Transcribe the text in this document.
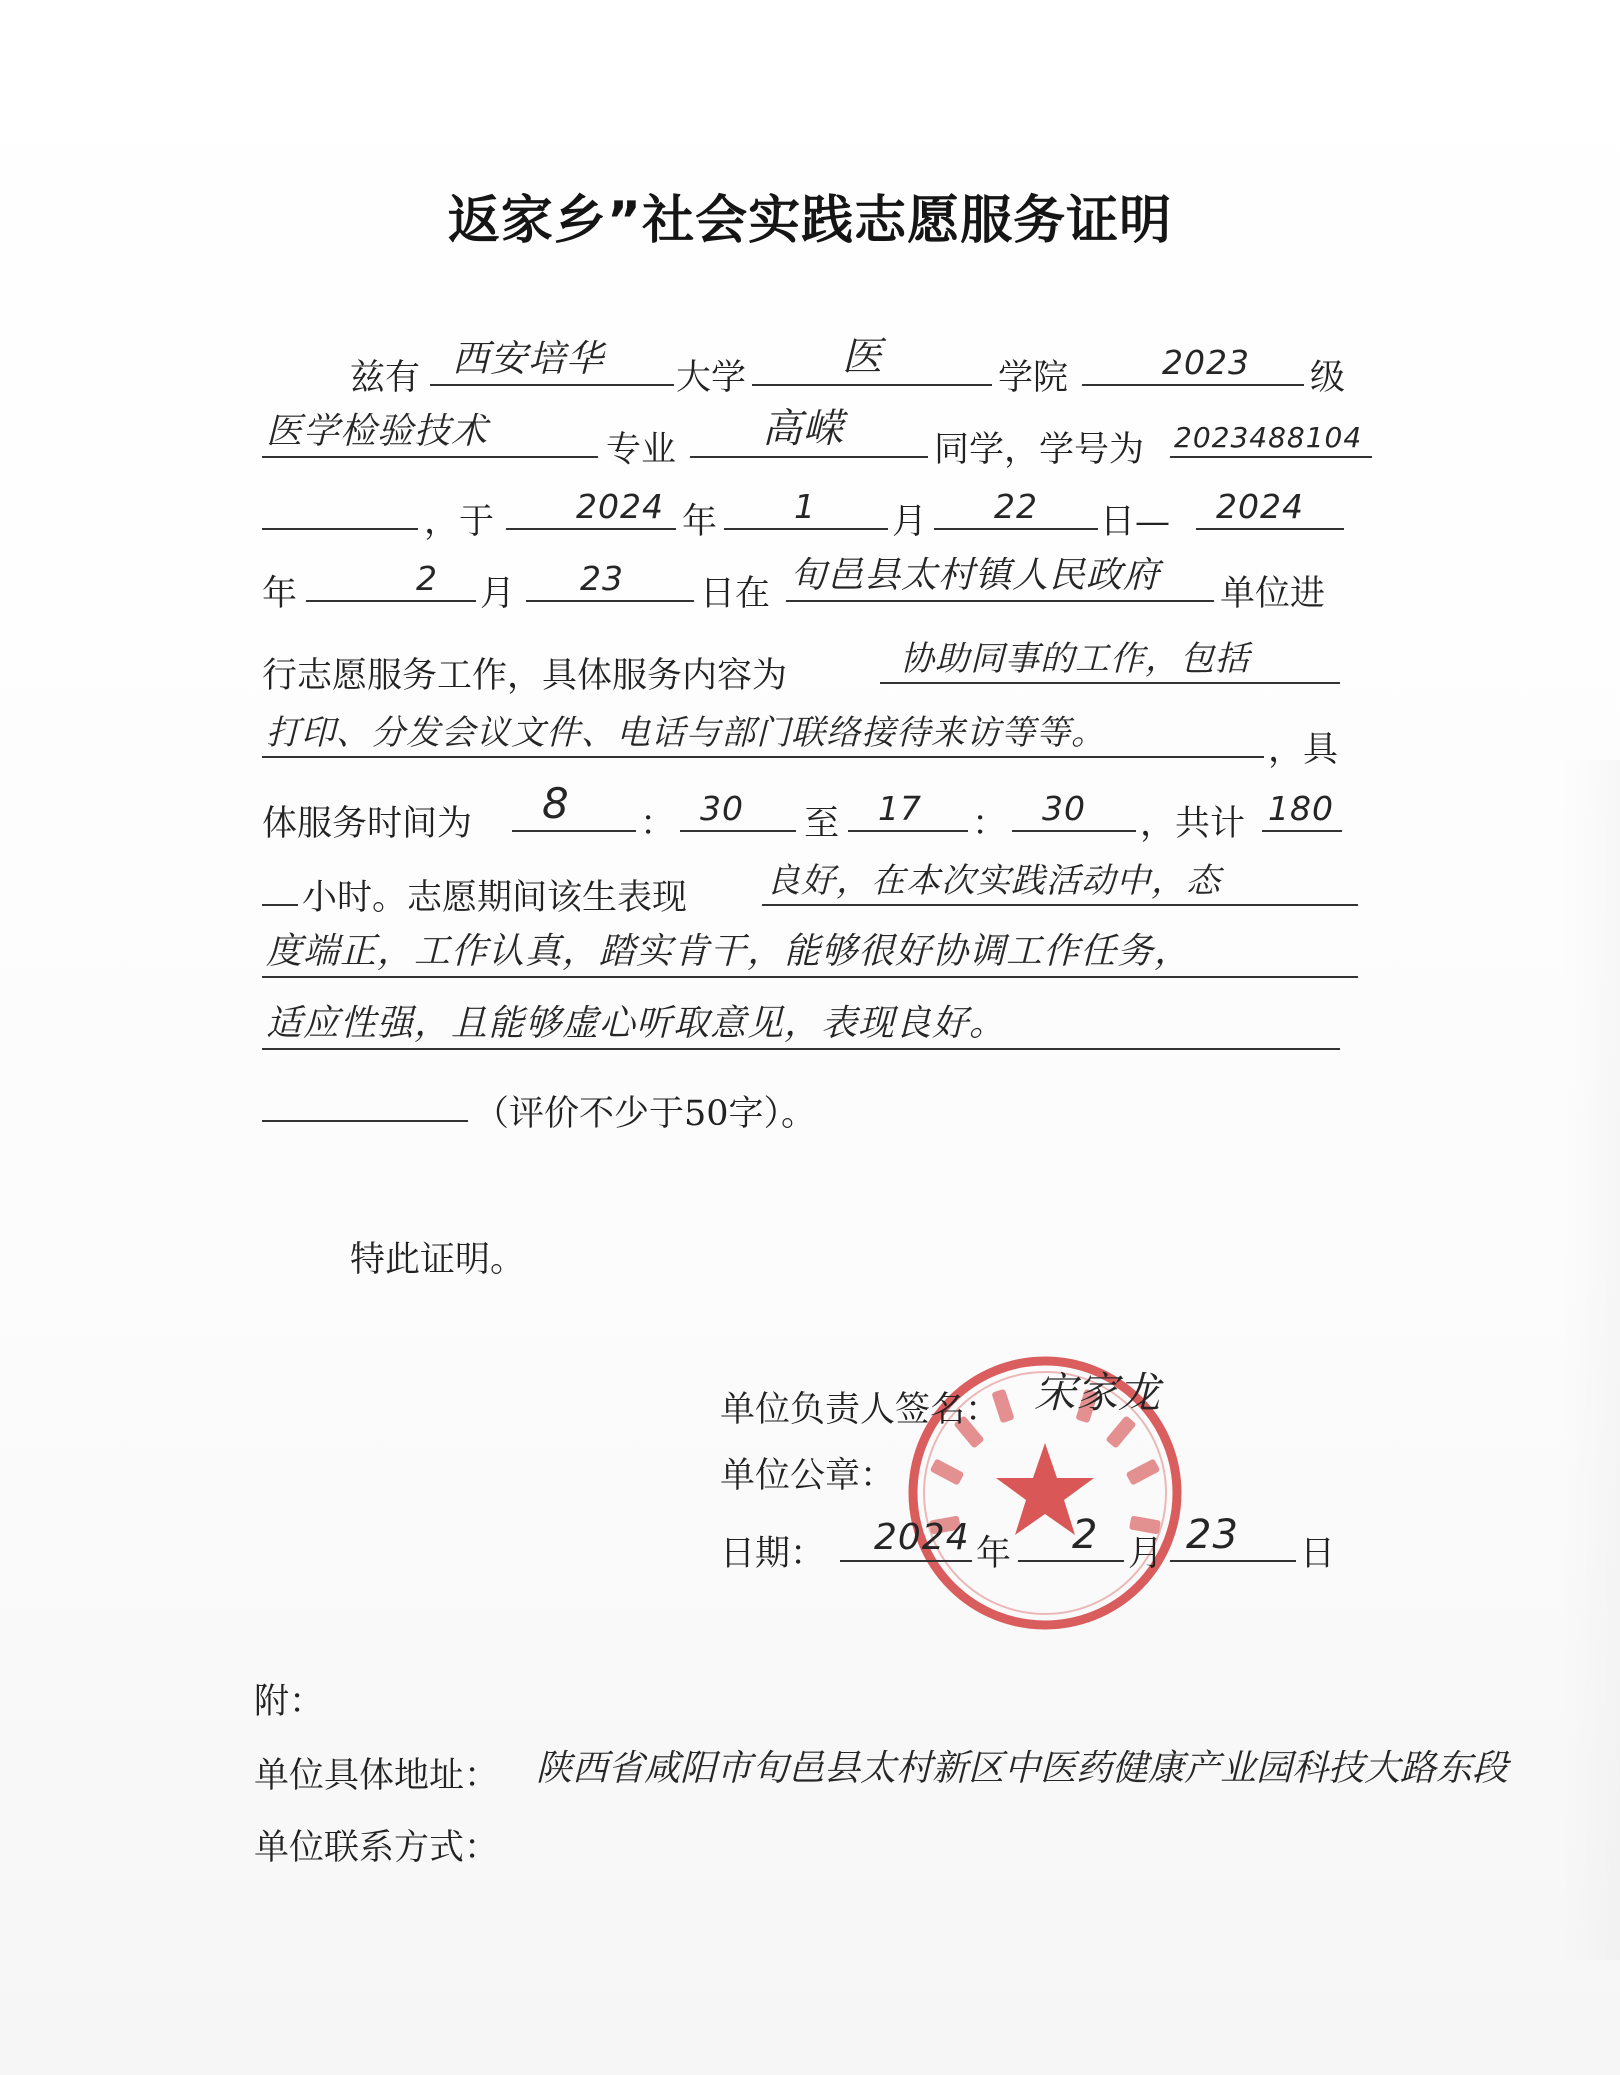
返家乡”社会实践志愿服务证明
兹有 西安培华 大学 医	学院	2023 级
医学检验技术	专业 高嵘	同学，学号为 2023488104
，于 2024 年 1 月 22 日— 2024
年	2 月 23 日在 旬邑县太村镇人民政府 单位进
行志愿服务工作，具体服务内容为	协助同事的工作，包括
打印、分发会议文件、电话与部门联络接待来访等等。	，具
体服务时间为 8 ： 30 至 17 ： 30 ，共计 180
小时。志愿期间该生表现 良好，在本次实践活动中，态
度端正，工作认真，踏实肯干，能够很好协调工作任务，
适应性强，且能够虚心听取意见，表现良好。
（评价不少于50字）。
特此证明。
单位负责人签名： 宋家龙
单位公章：
日期： 2024 年 2 月 23 日
附：
单位具体地址： 陕西省咸阳市旬邑县太村新区中医药健康产业园科技大路东段
单位联系方式：
